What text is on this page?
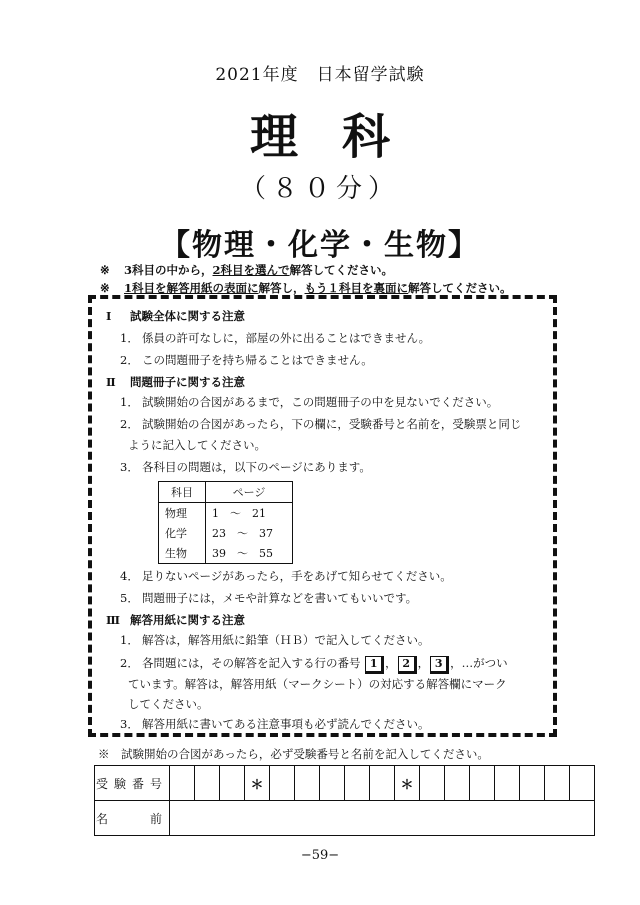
2021年度　日本留学試験
理科
（８０分）
【物理・化学・生物】
※ 3科目の中から，2科目を選んで解答してください。
※ 1科目を解答用紙の表面に解答し，もう１科目を裏面に解答してください。
Ⅰ 試験全体に関する注意
1． 係員の許可なしに，部屋の外に出ることはできません。
2． この問題冊子を持ち帰ることはできません。
Ⅱ 問題冊子に関する注意
1． 試験開始の合図があるまで，この問題冊子の中を見ないでください。
2． 試験開始の合図があったら，下の欄に，受験番号と名前を，受験票と同じ
ように記入してください。
3． 各科目の問題は，以下のページにあります。
科目	ページ
物理	1　～　21
化学	23　～　37
生物	39　～　55
4． 足りないページがあったら，手をあげて知らせてください。
5． 問題冊子には，メモや計算などを書いてもいいです。
Ⅲ 解答用紙に関する注意
1． 解答は，解答用紙に鉛筆（ＨＢ）で記入してください。
2． 各問題には，その解答を記入する行の番号 1 ， 2 ， 3 ，…がつい
ています。解答は，解答用紙（マークシート）の対応する解答欄にマーク
してください。
3． 解答用紙に書いてある注意事項も必ず読んでください。
※　試験開始の合図があったら，必ず受験番号と名前を記入してください。
受験番号				＊						＊							
名　　前																	
−59−
